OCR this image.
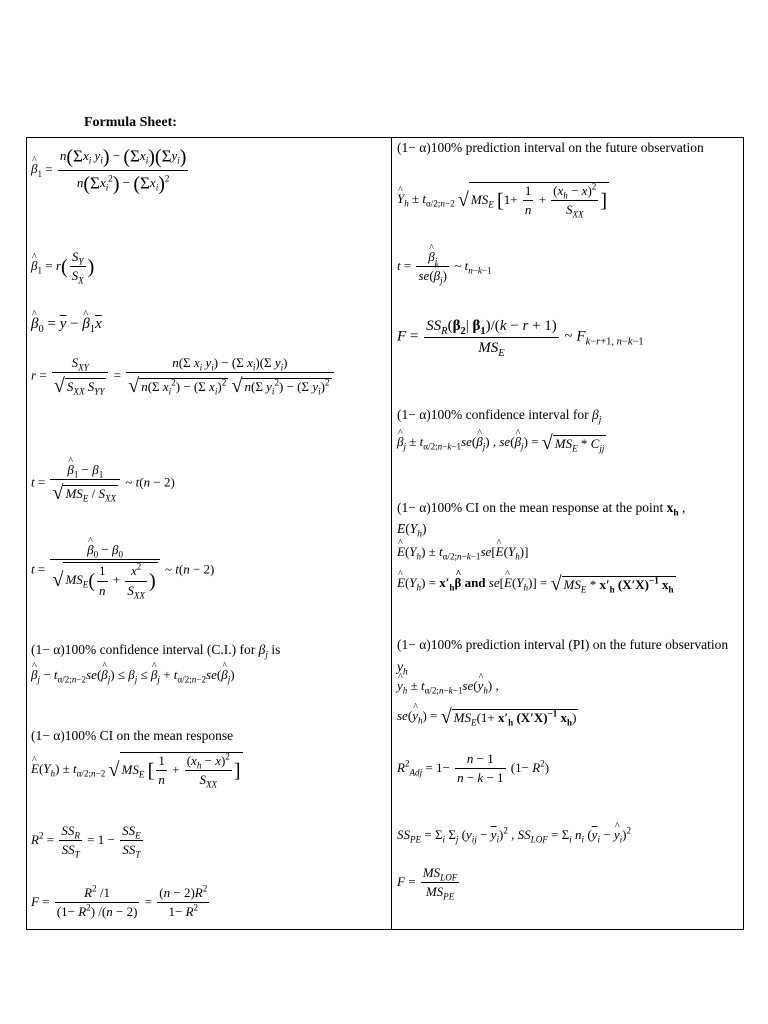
Formula Sheet:
^ $\beta_1 = \frac{n(\Sigma x_i y_i) - (\Sigma x_i)(\Sigma y_i)}{n(\Sigma x_i^2) - (\Sigma x_i)^2}$
^ $\beta_1 = r( \frac{S_Y}{S_X}$ )
^ $\beta_0 = \overline{y}$ − ^ $\beta_1\overline{x}$
$r = \frac{S_{XY}}{√ S_{XX} S_{YY}} = \frac{n(\Sigma x_i y_i) - (\Sigma x_i)(\Sigma y_i)}{√ n(\Sigma x_i^2) - (\Sigma x_i)^2 √ n(\Sigma y_i^2) - (\Sigma y_i)^2}$
t = ^ $\frac{\beta_1 - \beta_1}{√ MS_E / S_{XX}}$ ~ t(n − 2)
t = ^ $\frac{\beta_0 - \beta_0}{√ MS_E( \frac{1}{n} + \frac{\overline{x}^2}{S_{XX}} )}$ ~ t(n − 2)
(1− α)100% confidence interval (C.I.) for $\beta_j$ is
^ $\beta_j$ − $t_{\alpha/2;n-2}se(\^{}$ $\beta_j) \le \beta_j$ ≤ ^ $\beta_j$ + $t_{\alpha/2;n-2}se(\^{}$ $\beta_j$)
(1− α)100% CI on the mean response
^ $E(Y_h) \pm t_{\alpha/2;n-2}$ √ $MS_E$ [ $\frac{1}{n} + \frac{(x_h - \overline{x})^2}{S_{XX}}$ ]
$R^2 = \frac{SS_R}{SS_T} = 1 - \frac{SS_E}{SS_T}$
$F = \frac{R^2 /1}{(1- R^2) /(n - 2)} = \frac{(n - 2)R^2}{1- R^2}$
(1− α)100% prediction interval on the future observation
^ $Y_h \pm t_{\alpha/2;n-2}$ √ $MS_E$ [$1+ \frac{1}{n} + \frac{(x_h - \overline{x})^2}{S_{XX}}$ ]
t = ^ $\frac{\beta_j}{se(\^{} \beta_j)}$ ~ $t_{n-k-1}$
$F = \frac{SS_R(\beta_2| \beta_1)/(k - r + 1)}{MS_E}$ ~ $F_{k-r+1, n-k-1}$
(1− α)100% confidence interval for $\beta_j$
^ $\beta_j$ ± $t_{\alpha/2;n-k-1}se(\^{}$ $\beta_j$) , se(^ $\beta_j$) = √ $MS_E * C_{jj}$
(1− α)100% CI on the mean response at the point $x_h$ ,
$E(Y_h)$
^ $E(Y_h)$ ± $t_{\alpha/2;n-k-1}se[\^{}$ $E(Y_h)$]
^ $E(Y_h)$ = $x'_h\^{}$ β and se[^ $E(Y_h)$] = √ $MS_E * x'_h$ $(X'X)^{-1}$ $x_h$
(1− α)100% prediction interval (PI) on the future observation $y_h$
^ $y_h$ ± $t_{\alpha/2;n-k-1}se(\^{}$ $y_h$) ,
se(^ $y_h$) = √ $MS_E(1+ x'_h$ $(X'X)^{-1}$ $x_h$)
$R^2_{Adj} = 1- \frac{n - 1}{n - k - 1} (1- R^2)$
$SS_{PE} = \Sigma_i$ $\Sigma_j$ $(y_{ij} - \overline{y}_i)^2$ , $SS_{LOF} = \Sigma_i$ $n_i$ ($\overline{y}_i$ − ^ $y_i)^2$
$F = \frac{MS_{LOF}}{MS_{PE}}$
